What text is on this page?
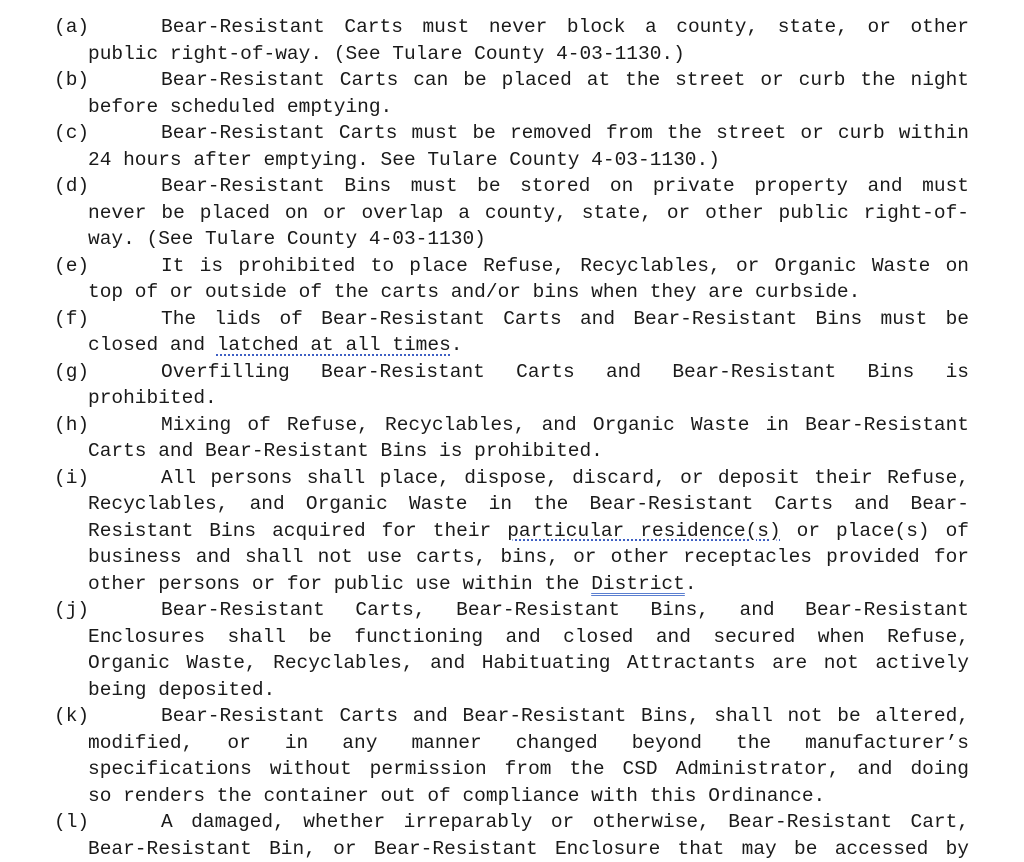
(a)	Bear-Resistant Carts must never block a county, state, or other
public right-of-way. (See Tulare County 4-03-1130.)
(b)	Bear-Resistant Carts can be placed at the street or curb the night
before scheduled emptying.
(c)	Bear-Resistant Carts must be removed from the street or curb within
24 hours after emptying. See Tulare County 4-03-1130.)
(d)	Bear-Resistant Bins must be stored on private property and must
never be placed on or overlap a county, state, or other public right-of-
way. (See Tulare County 4-03-1130)
(e)	It is prohibited to place Refuse, Recyclables, or Organic Waste on
top of or outside of the carts and/or bins when they are curbside.
(f)	The lids of Bear-Resistant Carts and Bear-Resistant Bins must be
closed and latched at all times.
(g)	Overfilling Bear-Resistant Carts and Bear-Resistant Bins is
prohibited.
(h)	Mixing of Refuse, Recyclables, and Organic Waste in Bear-Resistant
Carts and Bear-Resistant Bins is prohibited.
(i)	All persons shall place, dispose, discard, or deposit their Refuse,
Recyclables, and Organic Waste in the Bear-Resistant Carts and Bear-
Resistant Bins acquired for their particular residence(s) or place(s) of
business and shall not use carts, bins, or other receptacles provided for
other persons or for public use within the District.
(j)	Bear-Resistant Carts, Bear-Resistant Bins, and Bear-Resistant
Enclosures shall be functioning and closed and secured when Refuse,
Organic Waste, Recyclables, and Habituating Attractants are not actively
being deposited.
(k)	Bear-Resistant Carts and Bear-Resistant Bins, shall not be altered,
modified, or in any manner changed beyond the manufacturer’s
specifications without permission from the CSD Administrator, and doing
so renders the container out of compliance with this Ordinance.
(l)	A damaged, whether irreparably or otherwise, Bear-Resistant Cart,
Bear-Resistant Bin, or Bear-Resistant Enclosure that may be accessed by
